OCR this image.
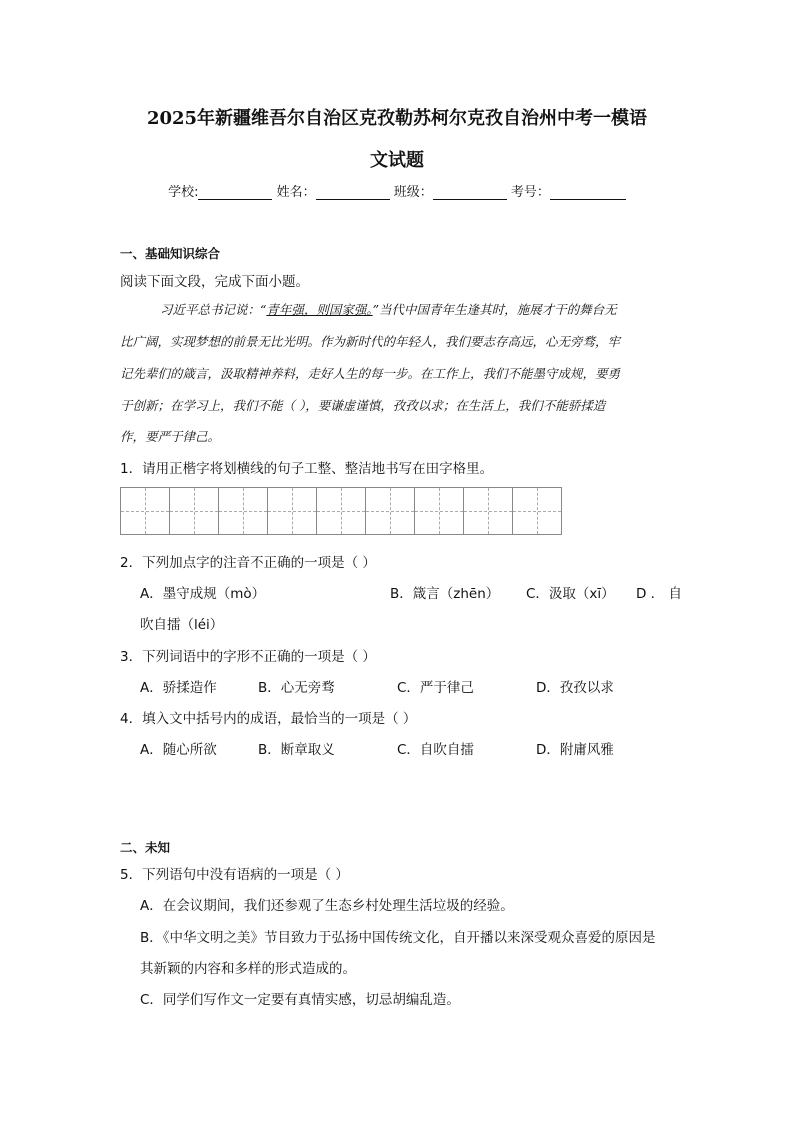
2025年新疆维吾尔自治区克孜勒苏柯尔克孜自治州中考一模语
文试题
学校:	姓名：	班级：	考号：
一、基础知识综合
阅读下面文段，完成下面小题。
习近平总书记说：“青年强，则国家强。”当代中国青年生逢其时，施展才干的舞台无
比广阔，实现梦想的前景无比光明。作为新时代的年轻人，我们要志存高远，心无旁骛，牢
记先辈们的箴言，汲取精神养料，走好人生的每一步。在工作上，我们不能墨守成规，要勇
于创新；在学习上，我们不能（ ），要谦虚谨慎，孜孜以求；在生活上，我们不能骄揉造
作，要严于律己。
1．请用正楷字将划横线的句子工整、整洁地书写在田字格里。
2．下列加点字的注音不正确的一项是（ ）
A．墨守成规（mò）	B．箴言（zhēn） C．汲取（xī） D ． 自
吹自擂（léi）
3．下列词语中的字形不正确的一项是（ ）
A．骄揉造作	B．心无旁骛	C．严于律己	D．孜孜以求
4．填入文中括号内的成语，最恰当的一项是（ ）
A．随心所欲	B．断章取义	C．自吹自擂	D．附庸风雅
二、未知
5．下列语句中没有语病的一项是（ ）
A．在会议期间，我们还参观了生态乡村处理生活垃圾的经验。
B．《中华文明之美》节目致力于弘扬中国传统文化，自开播以来深受观众喜爱的原因是
其新颖的内容和多样的形式造成的。
C．同学们写作文一定要有真情实感，切忌胡编乱造。
